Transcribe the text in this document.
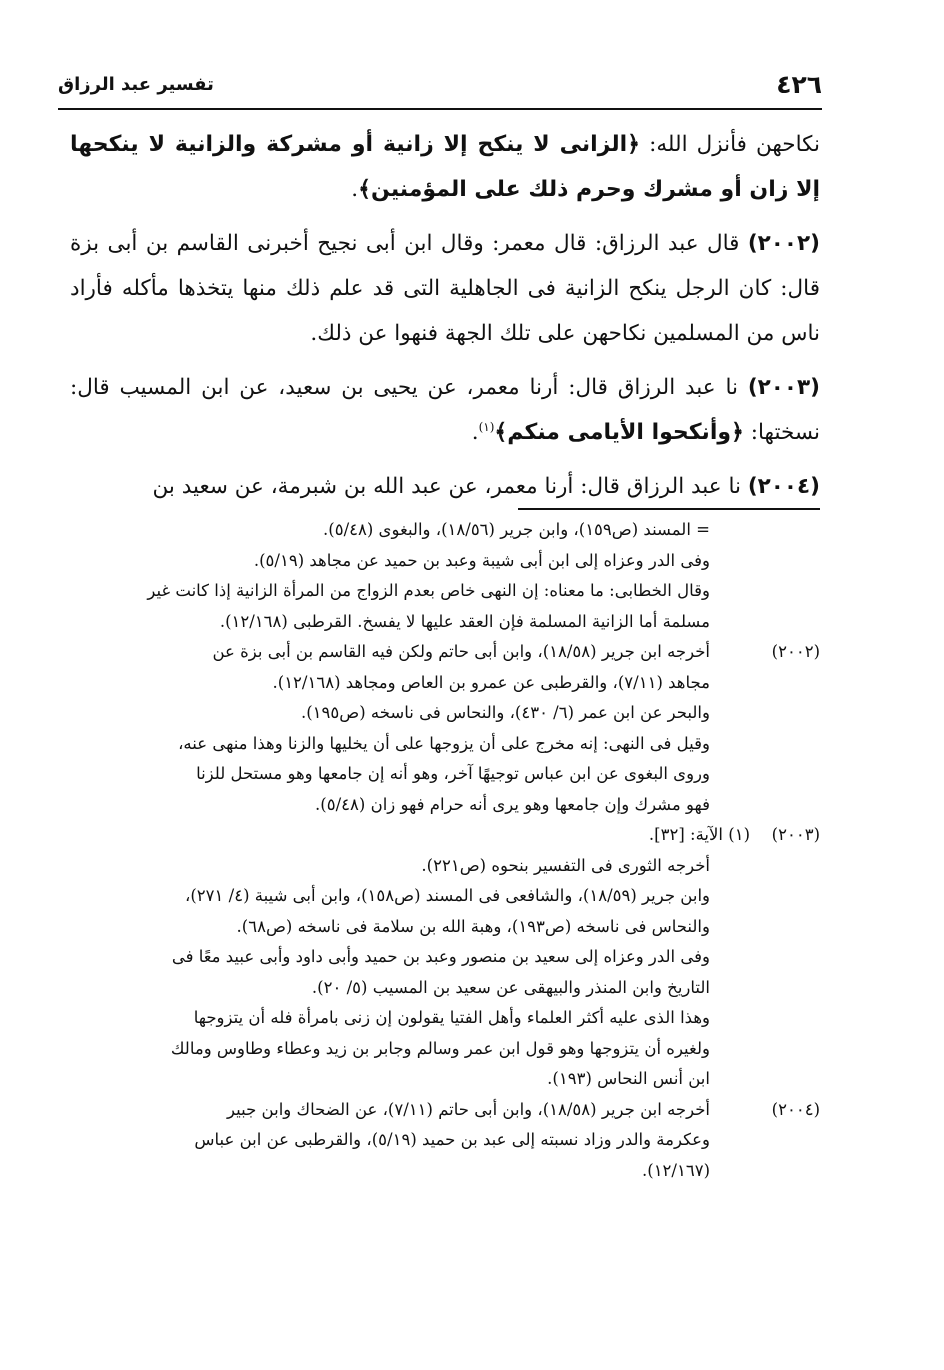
٤٢٦
تفسير عبد الرزاق

نكاحهن فأنزل الله: ﴿الزانى لا ينكح إلا زانية أو مشركة والزانية لا ينكحها إلا زان أو مشرك وحرم ذلك على المؤمنين﴾.

(٢٠٠٢) قال عبد الرزاق: قال معمر: وقال ابن أبى نجيح أخبرنى القاسم بن أبى بزة قال: كان الرجل ينكح الزانية فى الجاهلية التى قد علم ذلك منها يتخذها مأكله فأراد ناس من المسلمين نكاحهن على تلك الجهة فنهوا عن ذلك.

(٢٠٠٣) نا عبد الرزاق قال: أرنا معمر، عن يحيى بن سعيد، عن ابن المسيب قال: نسختها: ﴿وأنكحوا الأيامى منكم﴾$^{(١)}$.

(٢٠٠٤) نا عبد الرزاق قال: أرنا معمر، عن عبد الله بن شبرمة، عن سعيد بن

= المسند (ص١٥٩)، وابن جرير (١٨/٥٦)، والبغوى (٥/٤٨).
وفى الدر وعزاه إلى ابن أبى شيبة وعبد بن حميد عن مجاهد (٥/١٩).
وقال الخطابى: ما معناه: إن النهى خاص بعدم الزواج من المرأة الزانية إذا كانت غير
مسلمة أما الزانية المسلمة فإن العقد عليها لا يفسخ. القرطبى (١٢/١٦٨).
(٢٠٠٢)
أخرجه ابن جرير (١٨/٥٨)، وابن أبى حاتم ولكن فيه القاسم بن أبى بزة عن
مجاهد (٧/١١)، والقرطبى عن عمرو بن العاص ومجاهد (١٢/١٦٨).
والبحر عن ابن عمر (٦/ ٤٣٠)، والنحاس فى ناسخه (ص١٩٥).
وقيل فى النهى: إنه مخرج على أن يزوجها على أن يخليها والزنا وهذا منهى عنه،
وروى البغوى عن ابن عباس توجيهًا آخر، وهو أنه إن جامعها وهو مستحل للزنا
فهو مشرك وإن جامعها وهو يرى أنه حرام فهو زان (٥/٤٨).
(٢٠٠٣)
(١) الآية: [٣٢].
أخرجه الثورى فى التفسير بنحوه (ص٢٢١).
وابن جرير (١٨/٥٩)، والشافعى فى المسند (ص١٥٨)، وابن أبى شيبة (٤/ ٢٧١)،
والنحاس فى ناسخه (ص١٩٣)، وهبة الله بن سلامة فى ناسخه (ص٦٨).
وفى الدر وعزاه إلى سعيد بن منصور وعبد بن حميد وأبى داود وأبى عبيد معًا فى
التاريخ وابن المنذر والبيهقى عن سعيد بن المسيب (٥/ ٢٠).
وهذا الذى عليه أكثر العلماء وأهل الفتيا يقولون إن زنى بامرأة فله أن يتزوجها
ولغيره أن يتزوجها وهو قول ابن عمر وسالم وجابر بن زيد وعطاء وطاوس ومالك
ابن أنس النحاس (١٩٣).
(٢٠٠٤)
أخرجه ابن جرير (١٨/٥٨)، وابن أبى حاتم (٧/١١)، عن الضحاك وابن جبير
وعكرمة والدر وزاد نسبته إلى عبد بن حميد (٥/١٩)، والقرطبى عن ابن عباس
(١٢/١٦٧).
